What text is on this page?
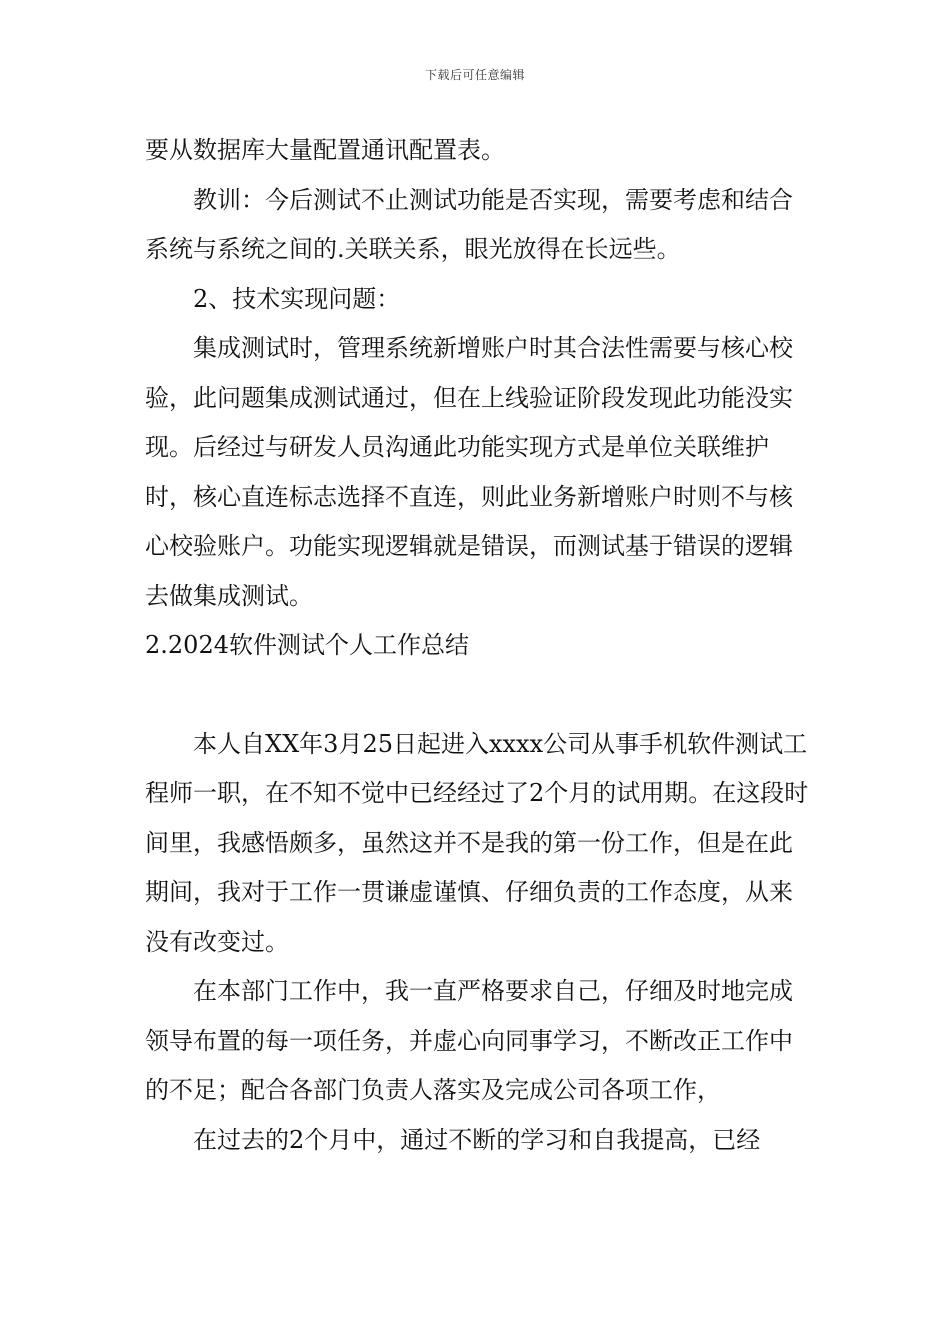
下载后可任意编辑

要从数据库大量配置通讯配置表。

教训：今后测试不止测试功能是否实现，需要考虑和结合系统与系统之间的.关联关系，眼光放得在长远些。

2、技术实现问题：

集成测试时，管理系统新增账户时其合法性需要与核心校验，此问题集成测试通过，但在上线验证阶段发现此功能没实现。后经过与研发人员沟通此功能实现方式是单位关联维护时，核心直连标志选择不直连，则此业务新增账户时则不与核心校验账户。功能实现逻辑就是错误，而测试基于错误的逻辑去做集成测试。

2.2024软件测试个人工作总结

本人自XX年3月25日起进入xxxx公司从事手机软件测试工程师一职，在不知不觉中已经经过了2个月的试用期。在这段时间里，我感悟颇多，虽然这并不是我的第一份工作，但是在此期间，我对于工作一贯谦虚谨慎、仔细负责的工作态度，从来没有改变过。

在本部门工作中，我一直严格要求自己，仔细及时地完成领导布置的每一项任务，并虚心向同事学习，不断改正工作中的不足；配合各部门负责人落实及完成公司各项工作，

在过去的2个月中，通过不断的学习和自我提高，已经
